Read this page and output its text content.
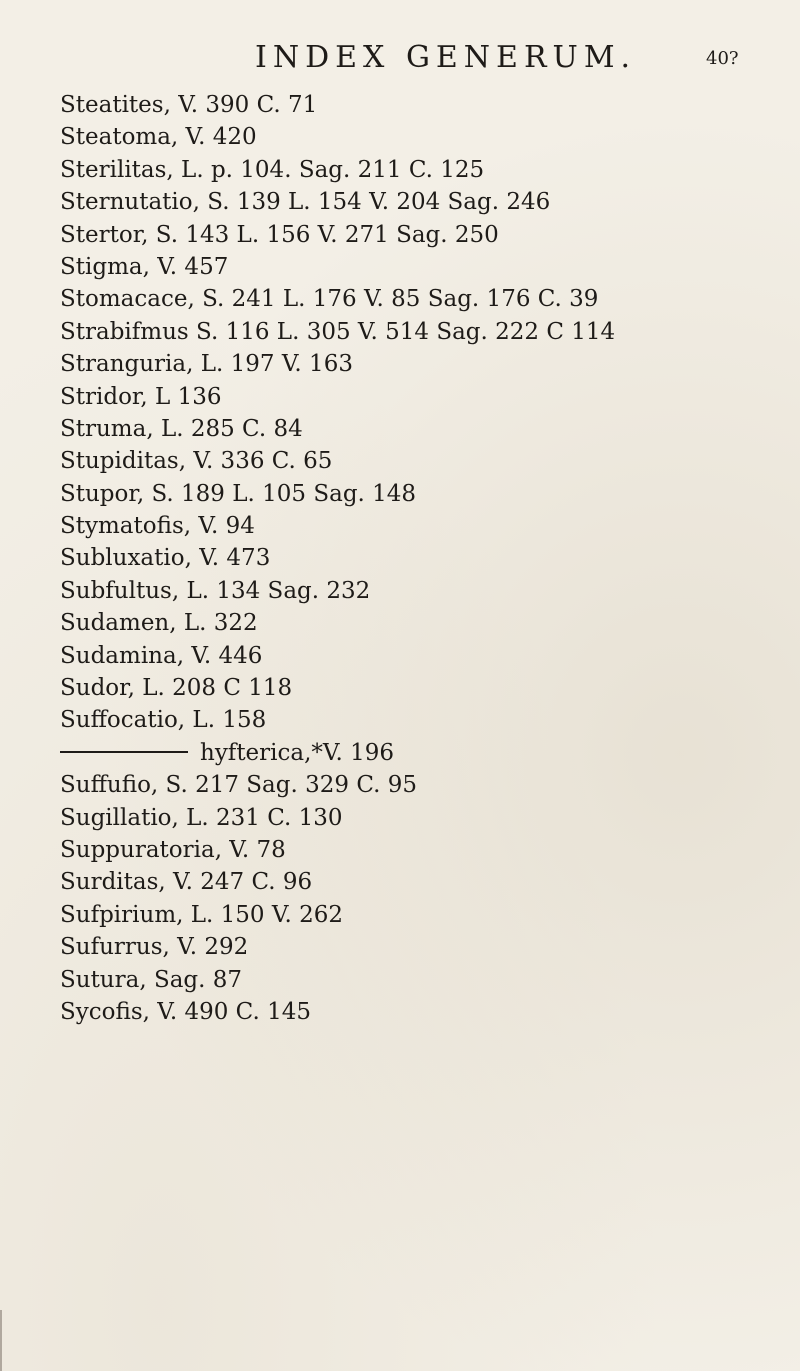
INDEX GENERUM.	40?
Steatites, V. 390 C. 71
Steatoma, V. 420
Sterilitas, L. p. 104. Sag. 211 C. 125
Sternutatio, S. 139 L. 154 V. 204 Sag. 246
Stertor, S. 143 L. 156 V. 271 Sag. 250
Stigma, V. 457
Stomacace, S. 241 L. 176 V. 85 Sag. 176 C. 39
Strabifmus S. 116 L. 305 V. 514 Sag. 222 C 114
Stranguria, L. 197 V. 163
Stridor, L 136
Struma, L. 285 C. 84
Stupiditas, V. 336 C. 65
Stupor, S. 189 L. 105 Sag. 148
Stymatofis, V. 94
Subluxatio, V. 473
Subfultus, L. 134 Sag. 232
Sudamen, L. 322
Sudamina, V. 446
Sudor, L. 208 C 118
Suffocatio, L. 158
hyfterica,*V. 196
Suffufio, S. 217 Sag. 329 C. 95
Sugillatio, L. 231 C. 130
Suppuratoria, V. 78
Surditas, V. 247 C. 96
Sufpirium, L. 150 V. 262
Sufurrus, V. 292
Sutura, Sag. 87
Sycofis, V. 490 C. 145
